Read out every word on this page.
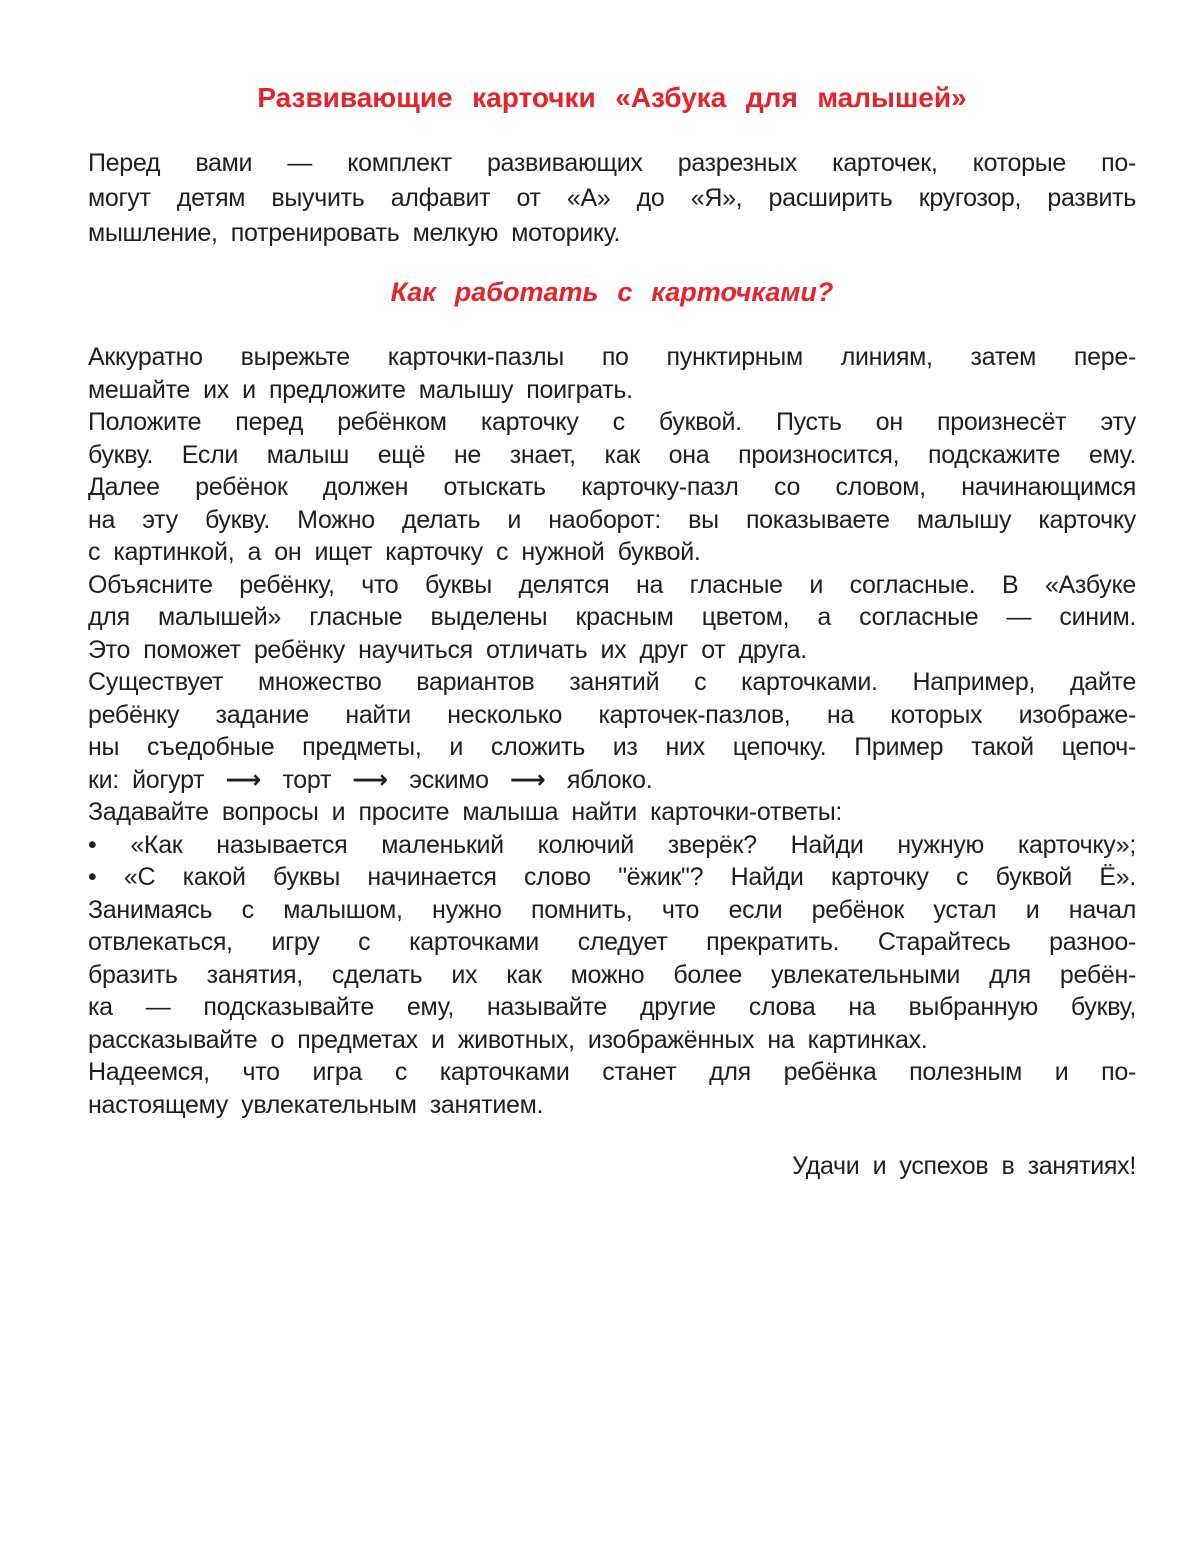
Развивающие карточки «Азбука для малышей»
Перед вами — комплект развивающих разрезных карточек, которые по-
могут детям выучить алфавит от «А» до «Я», расширить кругозор, развить
мышление, потренировать мелкую моторику.
Как работать с карточками?
Аккуратно вырежьте карточки-пазлы по пунктирным линиям, затем пере-
мешайте их и предложите малышу поиграть.
Положите перед ребёнком карточку с буквой. Пусть он произнесёт эту
букву. Если малыш ещё не знает, как она произносится, подскажите ему.
Далее ребёнок должен отыскать карточку-пазл со словом, начинающимся
на эту букву. Можно делать и наоборот: вы показываете малышу карточку
с картинкой, а он ищет карточку с нужной буквой.
Объясните ребёнку, что буквы делятся на гласные и согласные. В «Азбуке
для малышей» гласные выделены красным цветом, а согласные — синим.
Это поможет ребёнку научиться отличать их друг от друга.
Существует множество вариантов занятий с карточками. Например, дайте
ребёнку задание найти несколько карточек-пазлов, на которых изображе-
ны съедобные предметы, и сложить из них цепочку. Пример такой цепоч-
ки: йогурт ⟶ торт ⟶ эскимо ⟶ яблоко.
Задавайте вопросы и просите малыша найти карточки-ответы:
• «Как называется маленький колючий зверёк? Найди нужную карточку»;
• «С какой буквы начинается слово "ёжик"? Найди карточку с буквой Ё».
Занимаясь с малышом, нужно помнить, что если ребёнок устал и начал
отвлекаться, игру с карточками следует прекратить. Старайтесь разноо-
бразить занятия, сделать их как можно более увлекательными для ребён-
ка — подсказывайте ему, называйте другие слова на выбранную букву,
рассказывайте о предметах и животных, изображённых на картинках.
Надеемся, что игра с карточками станет для ребёнка полезным и по-
настоящему увлекательным занятием.
Удачи и успехов в занятиях!
